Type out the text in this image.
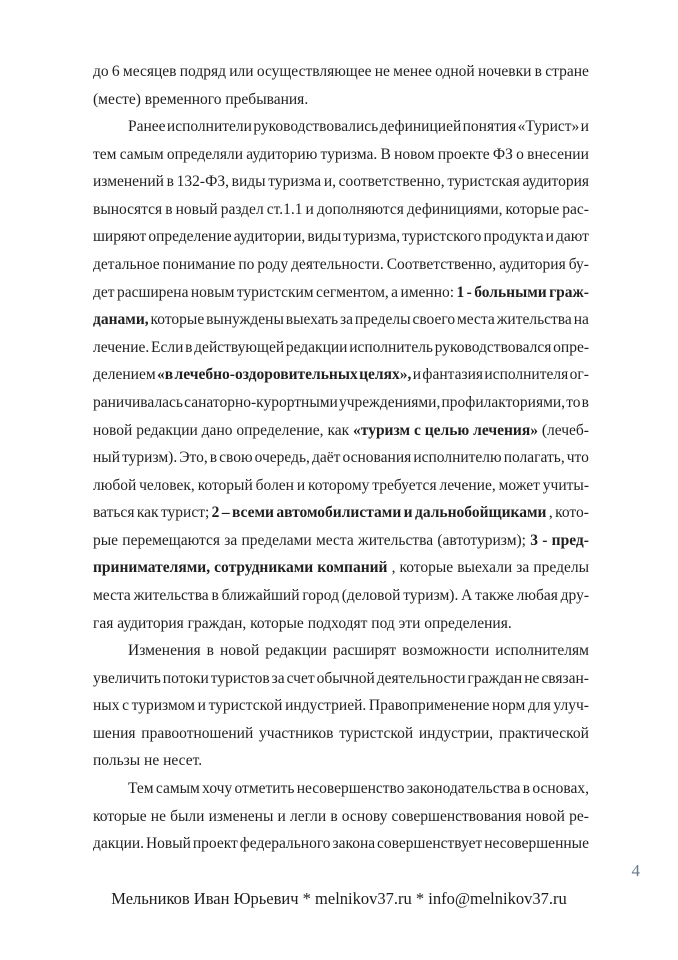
до 6 месяцев подряд или осуществляющее не менее одной ночевки в стране
(месте) временного пребывания.
Ранее исполнители руководствовались дефиницией понятия «Турист» и
тем самым определяли аудиторию туризма. В новом проекте ФЗ о внесении
изменений в 132-ФЗ, виды туризма и, соответственно, туристская аудитория
выносятся в новый раздел ст.1.1 и дополняются дефинициями, которые рас-
ширяют определение аудитории, виды туризма, туристского продукта и дают
детальное понимание по роду деятельности. Соответственно, аудитория бу-
дет расширена новым туристским сегментом, а именно: 1 - больными граж-
данами, которые вынуждены выехать за пределы своего места жительства на
лечение. Если в действующей редакции исполнитель руководствовался опре-
делением «в лечебно-оздоровительных целях», и фантазия исполнителя ог-
раничивалась санаторно-курортными учреждениями, профилакториями, то в
новой редакции дано определение, как «туризм с целью лечения» (лечеб-
ный туризм). Это, в свою очередь, даёт основания исполнителю полагать, что
любой человек, который болен и которому требуется лечение, может учиты-
ваться как турист; 2 – всеми автомобилистами и дальнобойщиками , кото-
рые перемещаются за пределами места жительства (автотуризм); 3 - пред-
принимателями, сотрудниками компаний , которые выехали за пределы
места жительства в ближайший город (деловой туризм). А также любая дру-
гая аудитория граждан, которые подходят под эти определения.
Изменения в новой редакции расширят возможности исполнителям
увеличить потоки туристов за счет обычной деятельности граждан не связан-
ных с туризмом и туристской индустрией. Правоприменение норм для улуч-
шения правоотношений участников туристской индустрии, практической
пользы не несет.
Тем самым хочу отметить несовершенство законодательства в основах,
которые не были изменены и легли в основу совершенствования новой ре-
дакции. Новый проект федерального закона совершенствует несовершенные
4
Мельников Иван Юрьевич * melnikov37.ru * info@melnikov37.ru
